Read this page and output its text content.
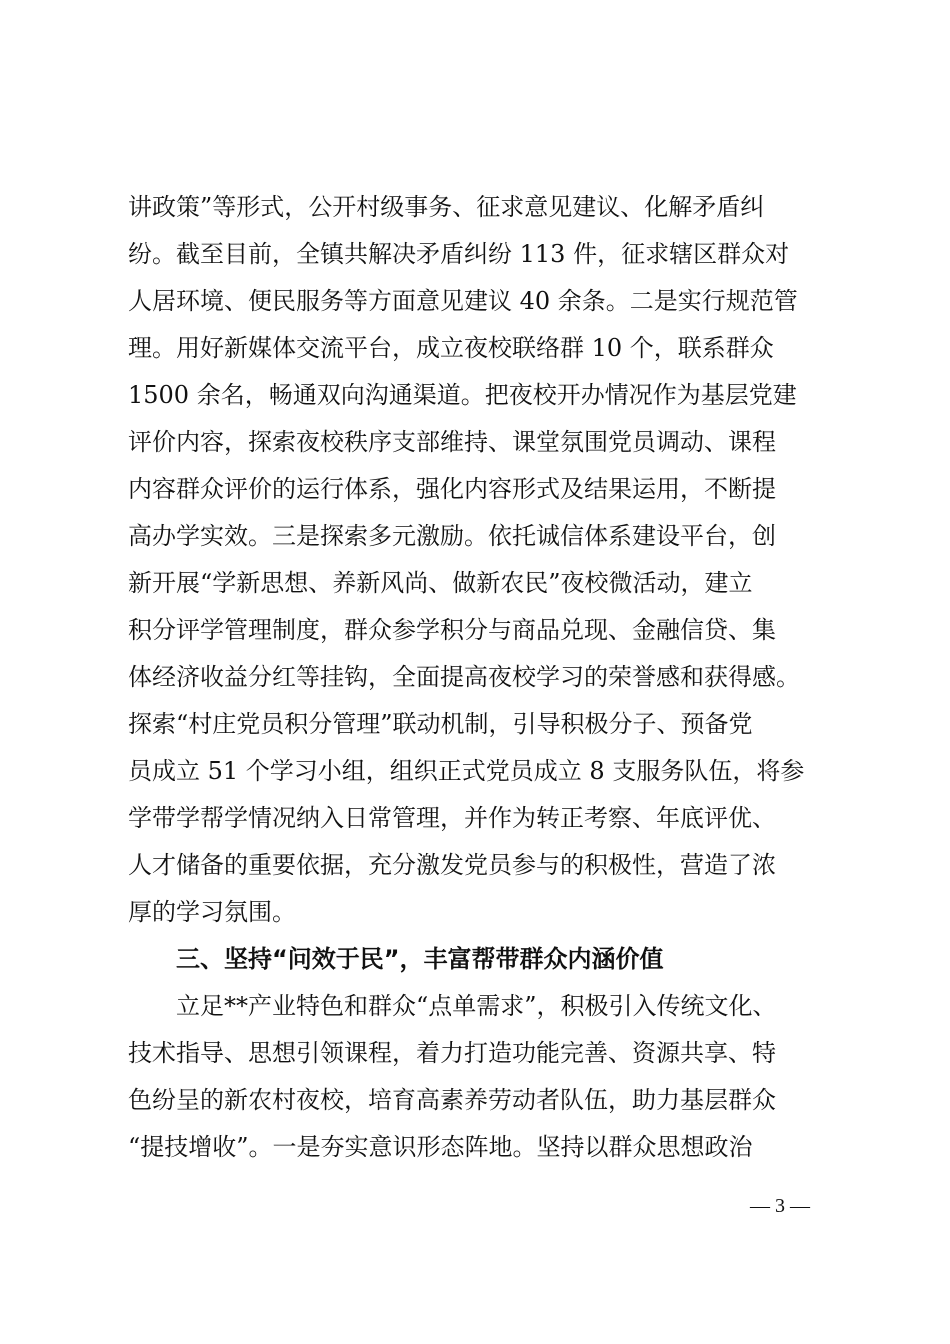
讲政策”等形式，公开村级事务、征求意见建议、化解矛盾纠
纷。截至目前，全镇共解决矛盾纠纷 113 件，征求辖区群众对
人居环境、便民服务等方面意见建议 40 余条。二是实行规范管
理。用好新媒体交流平台，成立夜校联络群 10 个，联系群众
1500 余名，畅通双向沟通渠道。把夜校开办情况作为基层党建
评价内容，探索夜校秩序支部维持、课堂氛围党员调动、课程
内容群众评价的运行体系，强化内容形式及结果运用，不断提
高办学实效。三是探索多元激励。依托诚信体系建设平台，创
新开展“学新思想、养新风尚、做新农民”夜校微活动，建立
积分评学管理制度，群众参学积分与商品兑现、金融信贷、集
体经济收益分红等挂钩，全面提高夜校学习的荣誉感和获得感。
探索“村庄党员积分管理”联动机制，引导积极分子、预备党
员成立 51 个学习小组，组织正式党员成立 8 支服务队伍，将参
学带学帮学情况纳入日常管理，并作为转正考察、年底评优、
人才储备的重要依据，充分激发党员参与的积极性，营造了浓
厚的学习氛围。
三、坚持“问效于民”，丰富帮带群众内涵价值
立足**产业特色和群众“点单需求”，积极引入传统文化、
技术指导、思想引领课程，着力打造功能完善、资源共享、特
色纷呈的新农村夜校，培育高素养劳动者队伍，助力基层群众
“提技增收”。一是夯实意识形态阵地。坚持以群众思想政治
— 3 —
